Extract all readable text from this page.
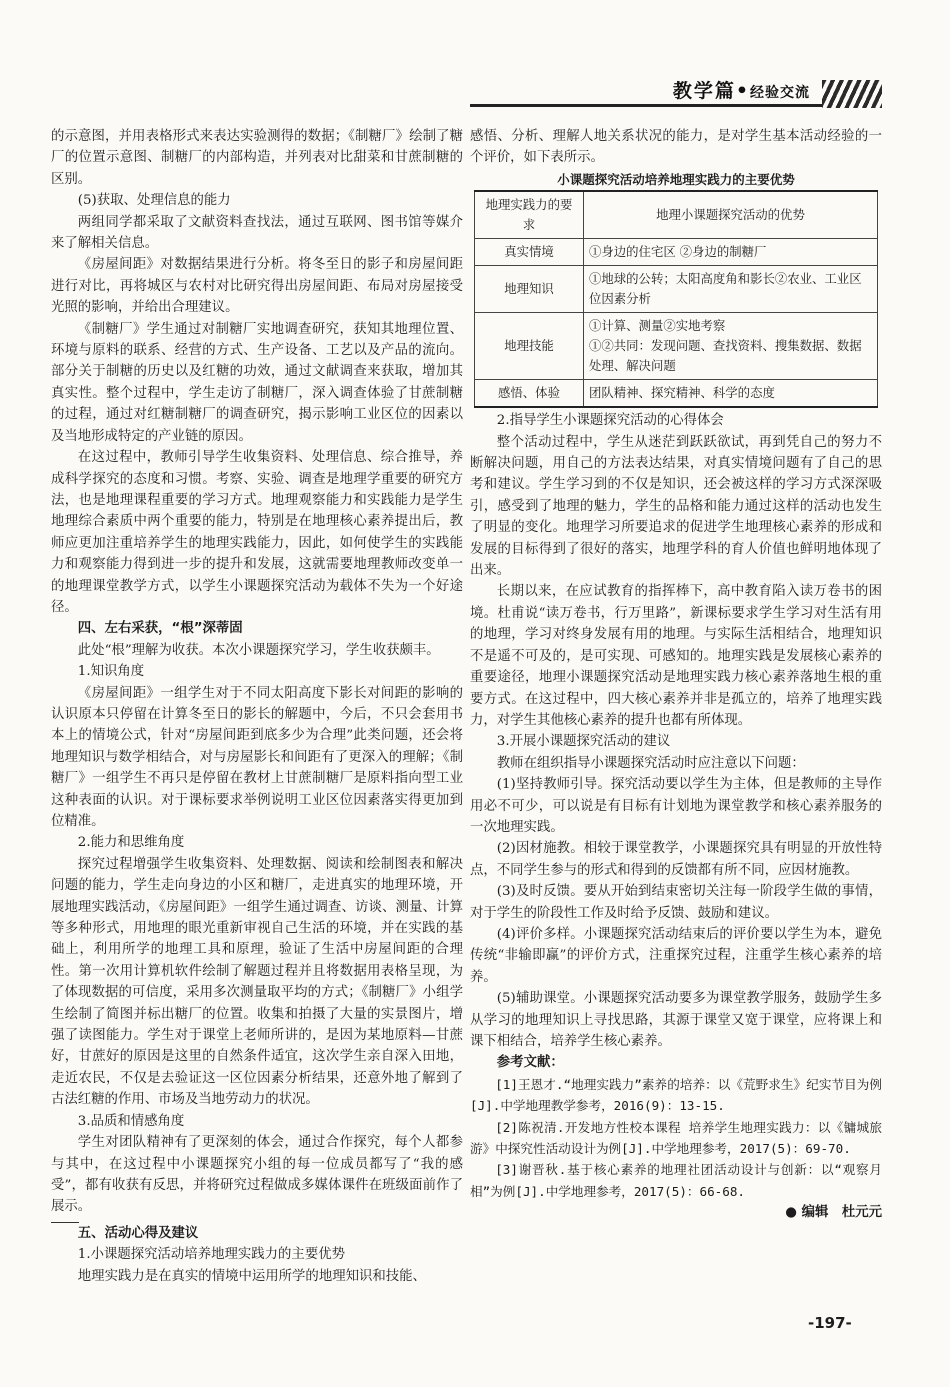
教学篇•经验交流

的示意图，并用表格形式来表达实验测得的数据；《制糖厂》绘制了糖厂的位置示意图、制糖厂的内部构造，并列表对比甜菜和甘蔗制糖的区别。

(5)获取、处理信息的能力

两组同学都采取了文献资料查找法，通过互联网、图书馆等媒介来了解相关信息。

《房屋间距》对数据结果进行分析。将冬至日的影子和房屋间距进行对比，再将城区与农村对比研究得出房屋间距、布局对房屋接受光照的影响，并给出合理建议。

《制糖厂》学生通过对制糖厂实地调查研究，获知其地理位置、环境与原料的联系、经营的方式、生产设备、工艺以及产品的流向。部分关于制糖的历史以及红糖的功效，通过文献调查来获取，增加其真实性。整个过程中，学生走访了制糖厂，深入调查体验了甘蔗制糖的过程，通过对红糖制糖厂的调查研究，揭示影响工业区位的因素以及当地形成特定的产业链的原因。

在这过程中，教师引导学生收集资料、处理信息、综合推导，养成科学探究的态度和习惯。考察、实验、调查是地理学重要的研究方法，也是地理课程重要的学习方式。地理观察能力和实践能力是学生地理综合素质中两个重要的能力，特别是在地理核心素养提出后，教师应更加注重培养学生的地理实践能力，因此，如何使学生的实践能力和观察能力得到进一步的提升和发展，这就需要地理教师改变单一的地理课堂教学方式，以学生小课题探究活动为载体不失为一个好途径。

四、左右采获，“根”深蒂固

此处“根”理解为收获。本次小课题探究学习，学生收获颇丰。

1.知识角度

《房屋间距》一组学生对于不同太阳高度下影长对间距的影响的认识原本只停留在计算冬至日的影长的解题中，今后，不只会套用书本上的情境公式，针对“房屋间距到底多少为合理”此类问题，还会将地理知识与数学相结合，对与房屋影长和间距有了更深入的理解；《制糖厂》一组学生不再只是停留在教材上甘蔗制糖厂是原料指向型工业这种表面的认识。对于课标要求举例说明工业区位因素落实得更加到位精准。

2.能力和思维角度

探究过程增强学生收集资料、处理数据、阅读和绘制图表和解决问题的能力，学生走向身边的小区和糖厂，走进真实的地理环境，开展地理实践活动，《房屋间距》一组学生通过调查、访谈、测量、计算等多种形式，用地理的眼光重新审视自己生活的环境，并在实践的基础上，利用所学的地理工具和原理，验证了生活中房屋间距的合理性。第一次用计算机软件绘制了解题过程并且将数据用表格呈现，为了体现数据的可信度，采用多次测量取平均的方式；《制糖厂》小组学生绘制了简图并标出糖厂的位置。收集和拍摄了大量的实景图片，增强了读图能力。学生对于课堂上老师所讲的，是因为某地原料—甘蔗好，甘蔗好的原因是这里的自然条件适宜，这次学生亲自深入田地，走近农民，不仅是去验证这一区位因素分析结果，还意外地了解到了古法红糖的作用、市场及当地劳动力的状况。

3.品质和情感角度

学生对团队精神有了更深刻的体会，通过合作探究，每个人都参与其中，在这过程中小课题探究小组的每一位成员都写了“我的感受”，都有收获有反思，并将研究过程做成多媒体课件在班级面前作了展示。

五、活动心得及建议

1.小课题探究活动培养地理实践力的主要优势

地理实践力是在真实的情境中运用所学的地理知识和技能、

感悟、分析、理解人地关系状况的能力，是对学生基本活动经验的一个评价，如下表所示。

小课题探究活动培养地理实践力的主要优势

地理实践力的要求	地理小课题探究活动的优势
真实情境	①身边的住宅区 ②身边的制糖厂
地理知识	①地球的公转；太阳高度角和影长②农业、工业区位因素分析
地理技能	①计算、测量②实地考察
①②共同：发现问题、查找资料、搜集数据、数据处理、解决问题

感悟、体验	团队精神、探究精神、科学的态度

2.指导学生小课题探究活动的心得体会

整个活动过程中，学生从迷茫到跃跃欲试，再到凭自己的努力不断解决问题，用自己的方法表达结果，对真实情境问题有了自己的思考和建议。学生学习到的不仅是知识，还会被这样的学习方式深深吸引，感受到了地理的魅力，学生的品格和能力通过这样的活动也发生了明显的变化。地理学习所要追求的促进学生地理核心素养的形成和发展的目标得到了很好的落实，地理学科的育人价值也鲜明地体现了出来。

长期以来，在应试教育的指挥棒下，高中教育陷入读万卷书的困境。杜甫说“读万卷书，行万里路”，新课标要求学生学习对生活有用的地理，学习对终身发展有用的地理。与实际生活相结合，地理知识不是遥不可及的，是可实现、可感知的。地理实践是发展核心素养的重要途径，地理小课题探究活动是地理实践力核心素养落地生根的重要方式。在这过程中，四大核心素养并非是孤立的，培养了地理实践力，对学生其他核心素养的提升也都有所体现。

3.开展小课题探究活动的建议

教师在组织指导小课题探究活动时应注意以下问题：

(1)坚持教师引导。探究活动要以学生为主体，但是教师的主导作用必不可少，可以说是有目标有计划地为课堂教学和核心素养服务的一次地理实践。

(2)因材施教。相较于课堂教学，小课题探究具有明显的开放性特点，不同学生参与的形式和得到的反馈都有所不同，应因材施教。

(3)及时反馈。要从开始到结束密切关注每一阶段学生做的事情，对于学生的阶段性工作及时给予反馈、鼓励和建议。

(4)评价多样。小课题探究活动结束后的评价要以学生为本，避免传统“非输即赢”的评价方式，注重探究过程，注重学生核心素养的培养。

(5)辅助课堂。小课题探究活动要多为课堂教学服务，鼓励学生多从学习的地理知识上寻找思路，其源于课堂又宽于课堂，应将课上和课下相结合，培养学生核心素养。

参考文献：

[1]王恩才.“地理实践力”素养的培养：以《荒野求生》纪实节目为例[J].中学地理教学参考，2016(9)：13-15.

[2]陈祝清.开发地方性校本课程 培养学生地理实践力：以《镛城旅游》中探究性活动设计为例[J].中学地理参考，2017(5)：69-70.

[3]谢晋秋.基于核心素养的地理社团活动设计与创新：以“观察月相”为例[J].中学地理参考，2017(5)：66-68.

● 编辑　杜元元

-197-
